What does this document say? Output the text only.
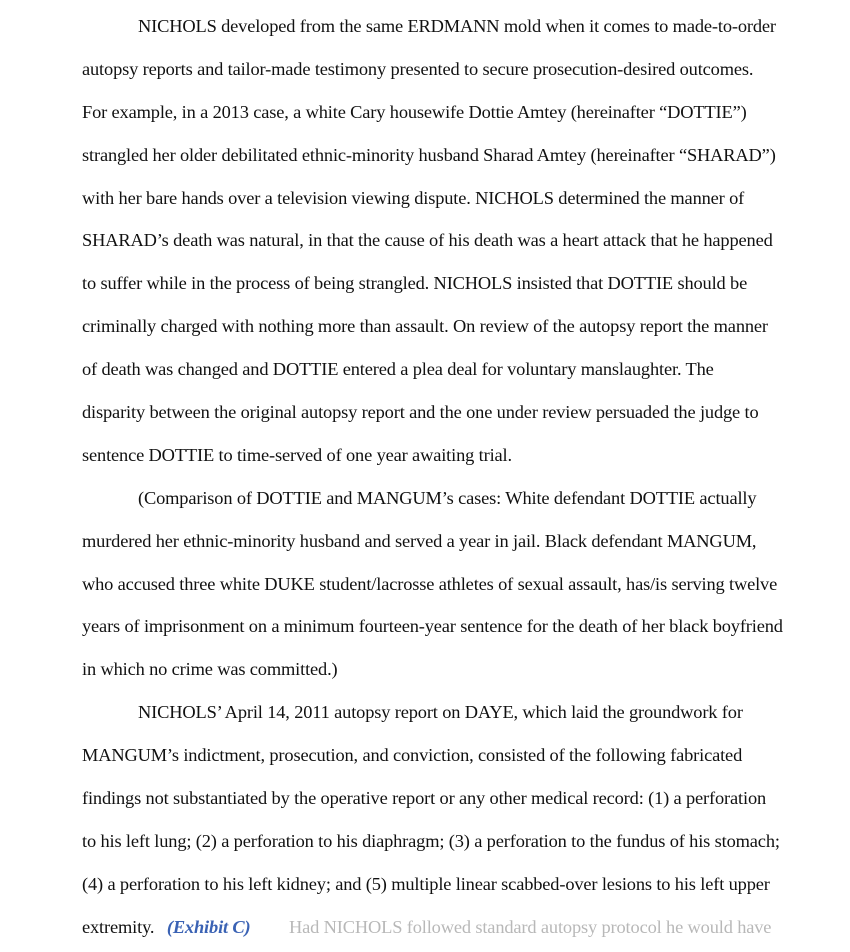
NICHOLS developed from the same ERDMANN mold when it comes to made-to-order
autopsy reports and tailor-made testimony presented to secure prosecution-desired outcomes.
For example, in a 2013 case, a white Cary housewife Dottie Amtey (hereinafter “DOTTIE”)
strangled her older debilitated ethnic-minority husband Sharad Amtey (hereinafter “SHARAD”)
with her bare hands over a television viewing dispute. NICHOLS determined the manner of
SHARAD’s death was natural, in that the cause of his death was a heart attack that he happened
to suffer while in the process of being strangled. NICHOLS insisted that DOTTIE should be
criminally charged with nothing more than assault. On review of the autopsy report the manner
of death was changed and DOTTIE entered a plea deal for voluntary manslaughter. The
disparity between the original autopsy report and the one under review persuaded the judge to
sentence DOTTIE to time-served of one year awaiting trial.
(Comparison of DOTTIE and MANGUM’s cases: White defendant DOTTIE actually
murdered her ethnic-minority husband and served a year in jail. Black defendant MANGUM,
who accused three white DUKE student/lacrosse athletes of sexual assault, has/is serving twelve
years of imprisonment on a minimum fourteen-year sentence for the death of her black boyfriend
in which no crime was committed.)
NICHOLS’ April 14, 2011 autopsy report on DAYE, which laid the groundwork for
MANGUM’s indictment, prosecution, and conviction, consisted of the following fabricated
findings not substantiated by the operative report or any other medical record: (1) a perforation
to his left lung; (2) a perforation to his diaphragm; (3) a perforation to the fundus of his stomach;
(4) a perforation to his left kidney; and (5) multiple linear scabbed-over lesions to his left upper
extremity. (Exhibit C) Had NICHOLS followed standard autopsy protocol he would have
